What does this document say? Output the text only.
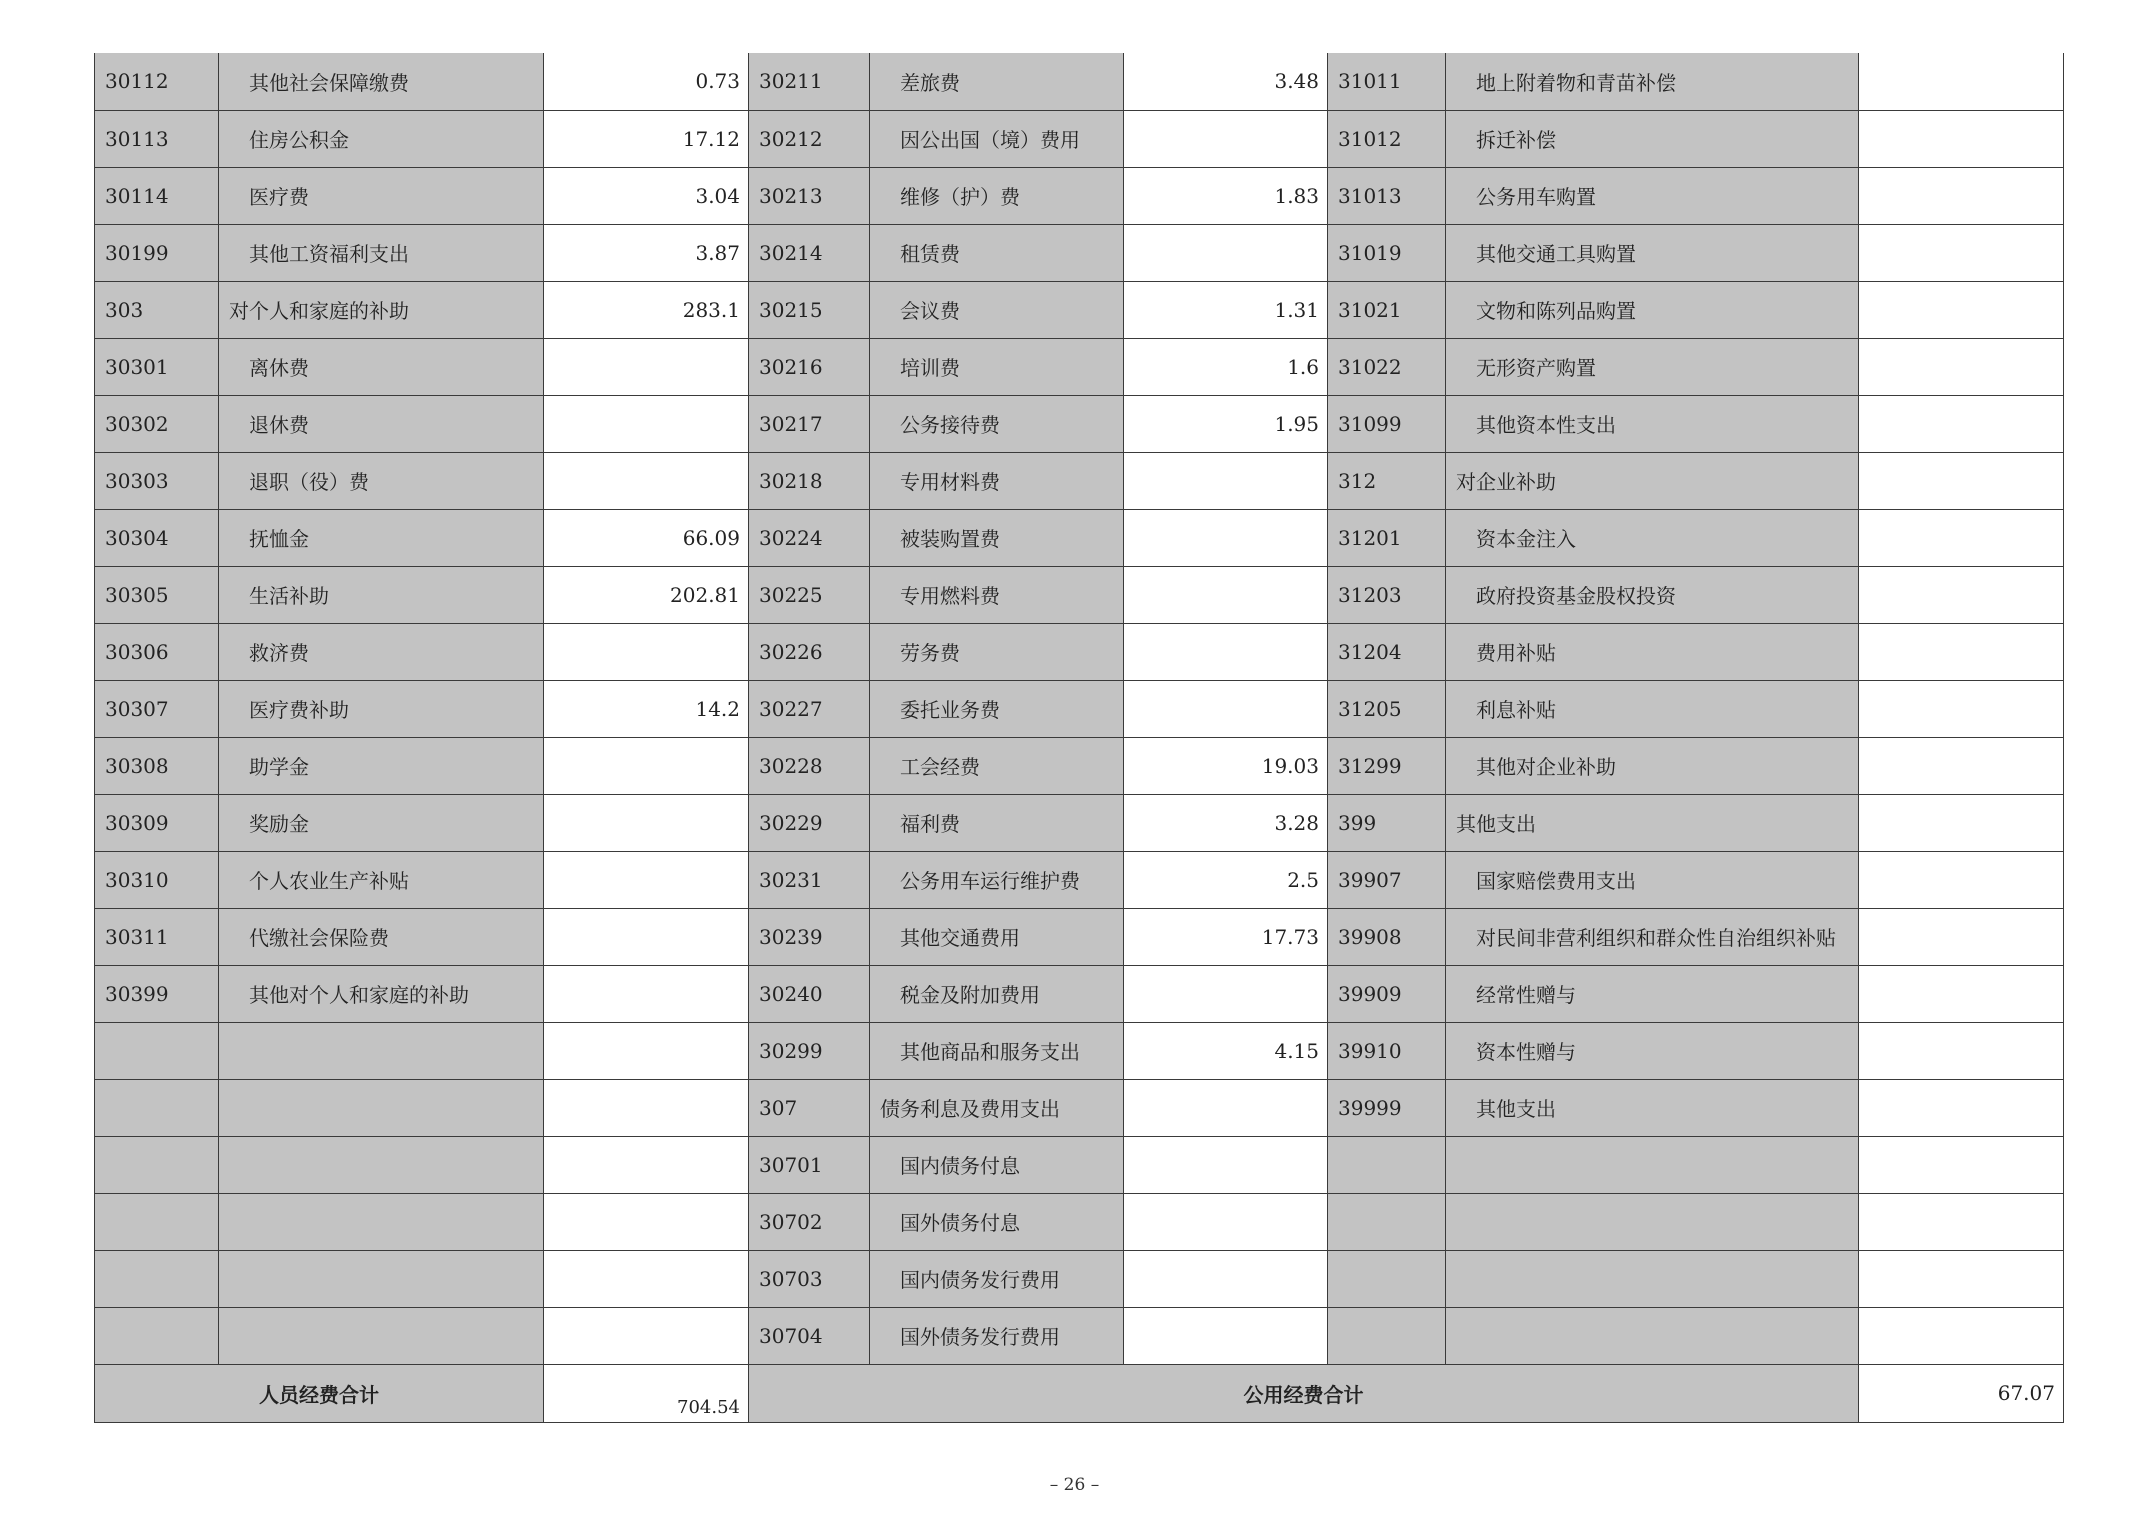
30112	其他社会保障缴费	0.73	30211	差旅费	3.48	31011	地上附着物和青苗补偿	
30113	住房公积金	17.12	30212	因公出国（境）费用		31012	拆迁补偿	
30114	医疗费	3.04	30213	维修（护）费	1.83	31013	公务用车购置	
30199	其他工资福利支出	3.87	30214	租赁费		31019	其他交通工具购置	
303	对个人和家庭的补助	283.1	30215	会议费	1.31	31021	文物和陈列品购置	
30301	离休费		30216	培训费	1.6	31022	无形资产购置	
30302	退休费		30217	公务接待费	1.95	31099	其他资本性支出	
30303	退职（役）费		30218	专用材料费		312	对企业补助	
30304	抚恤金	66.09	30224	被装购置费		31201	资本金注入	
30305	生活补助	202.81	30225	专用燃料费		31203	政府投资基金股权投资	
30306	救济费		30226	劳务费		31204	费用补贴	
30307	医疗费补助	14.2	30227	委托业务费		31205	利息补贴	
30308	助学金		30228	工会经费	19.03	31299	其他对企业补助	
30309	奖励金		30229	福利费	3.28	399	其他支出	
30310	个人农业生产补贴		30231	公务用车运行维护费	2.5	39907	国家赔偿费用支出	
30311	代缴社会保险费		30239	其他交通费用	17.73	39908	对民间非营利组织和群众性自治组织补贴	
30399	其他对个人和家庭的补助		30240	税金及附加费用		39909	经常性赠与	
			30299	其他商品和服务支出	4.15	39910	资本性赠与	
			307	债务利息及费用支出		39999	其他支出	
			30701	国内债务付息				
			30702	国外债务付息				
			30703	国内债务发行费用				
			30704	国外债务发行费用				
人员经费合计		704.54	公用经费合计					67.07
– 26 –
